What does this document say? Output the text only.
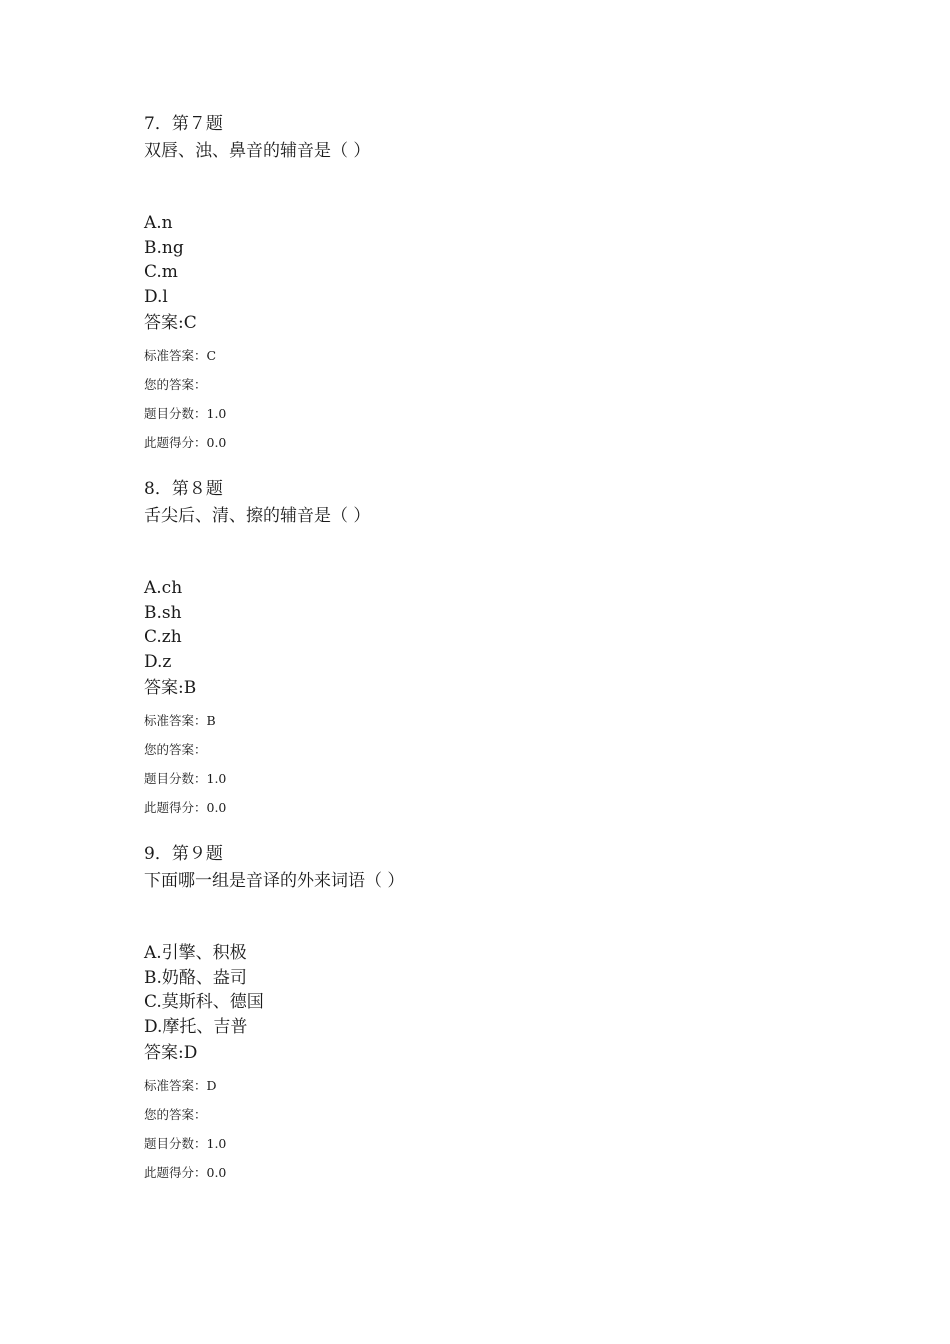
7．第７题
双唇、浊、鼻音的辅音是（ ）
A.n
B.ng
C.m
D.l
答案:C
标准答案：C
您的答案：
题目分数：1.0
此题得分：0.0
8．第８题
舌尖后、清、擦的辅音是（ ）
A.ch
B.sh
C.zh
D.z
答案:B
标准答案：B
您的答案：
题目分数：1.0
此题得分：0.0
9．第９题
下面哪一组是音译的外来词语（ ）
A.引擎、积极
B.奶酪、盎司
C.莫斯科、德国
D.摩托、吉普
答案:D
标准答案：D
您的答案：
题目分数：1.0
此题得分：0.0
